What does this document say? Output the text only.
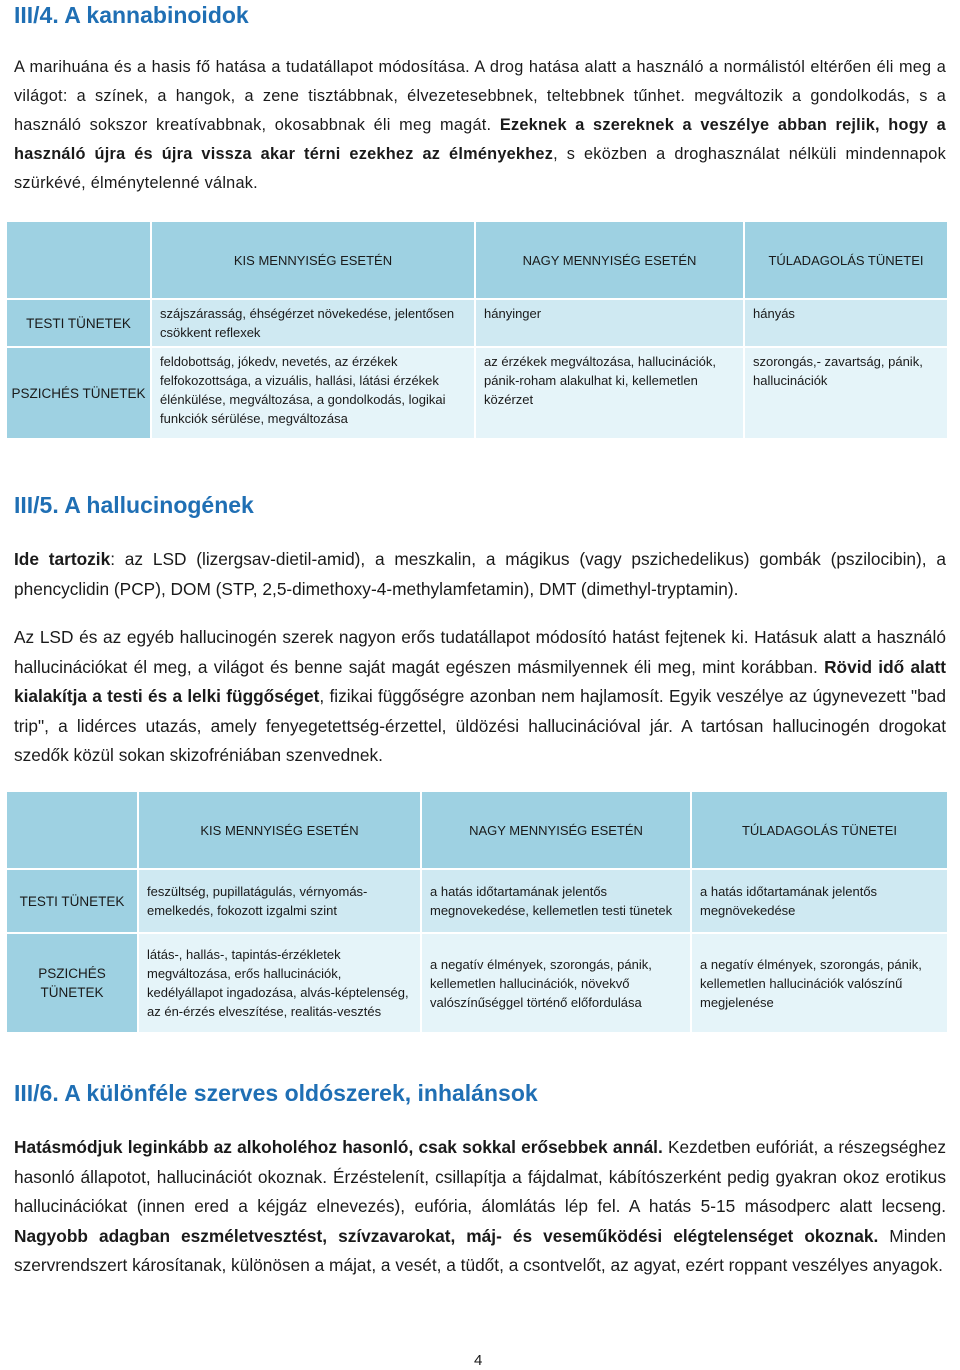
III/4. A kannabinoidok

A marihuána és a hasis fő hatása a tudatállapot módosítása. A drog hatása alatt a használó a normálistól eltérően éli meg a világot: a színek, a hangok, a zene tisztábbnak, élvezetesebbnek, teltebbnek tűnhet. megváltozik a gondolkodás, s a használó sokszor kreatívabbnak, okosabbnak éli meg magát. Ezeknek a szereknek a veszélye abban rejlik, hogy a használó újra és újra vissza akar térni ezekhez az élményekhez, s eközben a droghasználat nélküli mindennapok szürkévé, élménytelenné válnak.

	KIS MENNYISÉG ESETÉN	NAGY MENNYISÉG ESETÉN	TÚLADAGOLÁS TÜNETEI
TESTI TÜNETEK	szájszárasság, éhségérzet növekedése, jelentősen csökkent reflexek	hányinger	hányás
PSZICHÉS TÜNETEK	feldobottság, jókedv, nevetés, az érzékek felfokozottsága, a vizuális, hallási, látási érzékek élénkülése, megváltozása, a gondolkodás, logikai funkciók sérülése, megváltozása	az érzékek megváltozása, hallucinációk, pánik-roham alakulhat ki, kellemetlen közérzet	szorongás,- zavartság, pánik, hallucinációk
III/5. A hallucinogének

Ide tartozik: az LSD (lizergsav-dietil-amid), a meszkalin, a mágikus (vagy pszichedelikus) gombák (pszilocibin), a phencyclidin (PCP), DOM (STP, 2,5-dimethoxy-4-methylamfetamin), DMT (dimethyl-tryptamin).

Az LSD és az egyéb hallucinogén szerek nagyon erős tudatállapot módosító hatást fejtenek ki. Hatásuk alatt a használó hallucinációkat él meg, a világot és benne saját magát egészen másmilyennek éli meg, mint korábban. Rövid idő alatt kialakítja a testi és a lelki függőséget, fizikai függőségre azonban nem hajlamosít. Egyik veszélye az úgynevezett "bad trip", a lidérces utazás, amely fenyegetettség-érzettel, üldözési hallucinációval jár. A tartósan hallucinogén drogokat szedők közül sokan skizofréniában szenvednek.

	KIS MENNYISÉG ESETÉN	NAGY MENNYISÉG ESETÉN	TÚLADAGOLÁS TÜNETEI
TESTI TÜNETEK	feszültség, pupillatágulás, vérnyomás-emelkedés, fokozott izgalmi szint	a hatás időtartamának jelentős megnovekedése, kellemetlen testi tünetek	a hatás időtartamának jelentős megnövekedése
PSZICHÉS TÜNETEK	látás-, hallás-, tapintás-érzékletek megváltozása, erős hallucinációk, kedélyállapot ingadozása, alvás-képtelenség, az én-érzés elveszítése, realitás-vesztés	a negatív élmények, szorongás, pánik, kellemetlen hallucinációk, növekvő valószínűséggel történő előfordulása	a negatív élmények, szorongás, pánik, kellemetlen hallucinációk valószínű megjelenése
III/6. A különféle szerves oldószerek, inhalánsok

Hatásmódjuk leginkább az alkoholéhoz hasonló, csak sokkal erősebbek annál. Kezdetben eufóriát, a részegséghez hasonló állapotot, hallucinációt okoznak. Érzéstelenít, csillapítja a fájdalmat, kábítószerként pedig gyakran okoz erotikus hallucinációkat (innen ered a kéjgáz elnevezés), eufória, álomlátás lép fel. A hatás 5-15 másodperc alatt lecseng. Nagyobb adagban eszméletvesztést, szívzavarokat, máj- és veseműködési elégtelenséget okoznak. Minden szervrendszert károsítanak, különösen a májat, a vesét, a tüdőt, a csontvelőt, az agyat, ezért roppant veszélyes anyagok.

4
